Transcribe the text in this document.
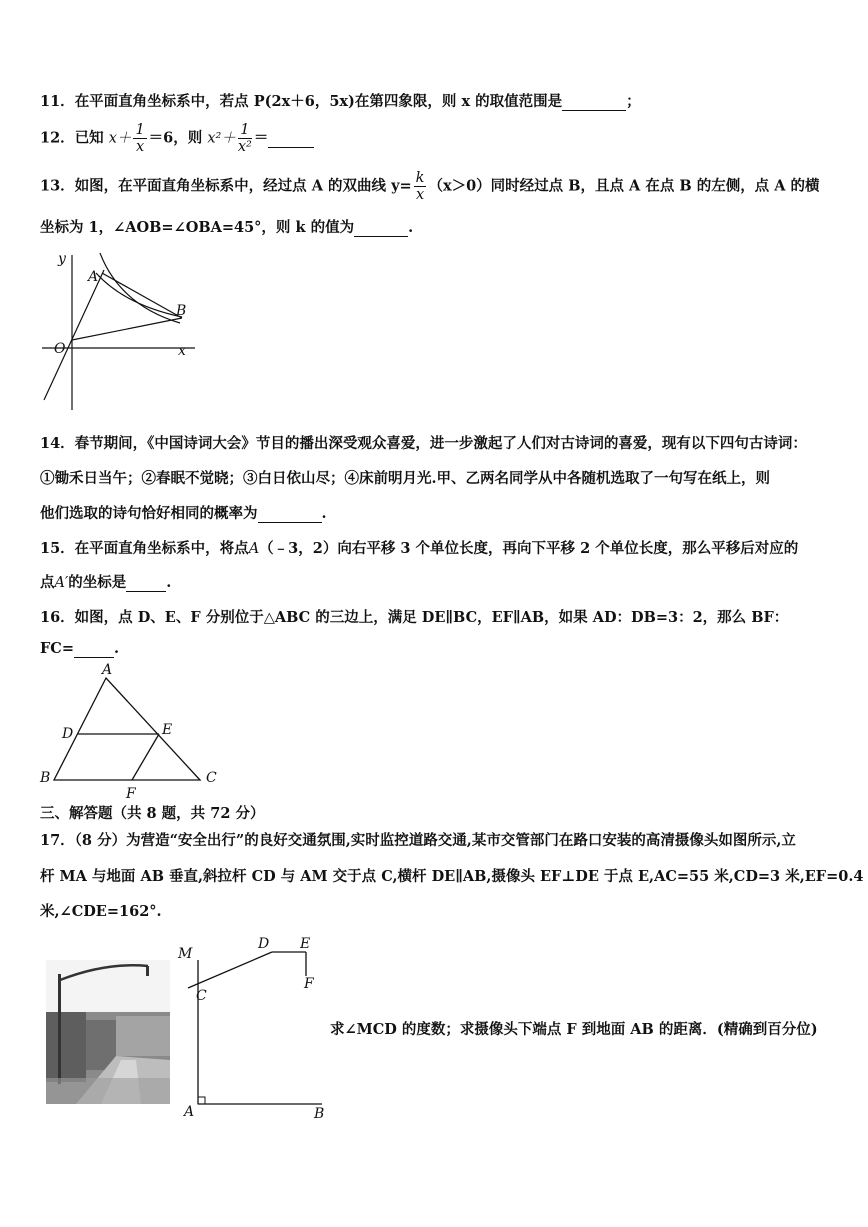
11．在平面直角坐标系中，若点 P(2x＋6，5x)在第四象限，则 x 的取值范围是	；
12．已知 $x+ \frac{1}{x} =6$，则 $x^2+ \frac{1}{\text{x²}}$ ＝
13．如图，在平面直角坐标系中，经过点 A 的双曲线 $y= \frac{k}{x} (x>0)$同时经过点 B，且点 A 在点 B 的左侧，点 A 的横
坐标为 1，∠AOB=∠OBA=45°，则 k 的值为	.
y
A
B
O	x
14．春节期间，《中国诗词大会》节目的播出深受观众喜爱，进一步激起了人们对古诗词的喜爱，现有以下四句古诗词：
①锄禾日当午；②春眠不觉晓；③白日依山尽；④床前明月光.甲、乙两名同学从中各随机选取了一句写在纸上，则
他们选取的诗句恰好相同的概率为	.
15．在平面直角坐标系中，将点A（﹣3，2）向右平移 3 个单位长度，再向下平移 2 个单位长度，那么平移后对应的
点A′的坐标是	.
16．如图，点 D、E、F 分别位于△ABC 的三边上，满足 DE∥BC，EF∥AB，如果 AD：DB=3：2，那么 BF：
FC=	.
A
D	E
B
F
C
三、解答题（共 8 题，共 72 分）
17．（8 分）为营造“安全出行”的良好交通氛围,实时监控道路交通,某市交管部门在路口安装的高清摄像头如图所示,立
杆 MA 与地面 AB 垂直,斜拉杆 CD 与 AM 交于点 C,横杆 DE∥AB,摄像头 EF⊥DE 于点 E,AC=55 米,CD=3 米,EF=0.4
米,∠CDE=162°.
M
C
D E
F
A	B
求∠MCD 的度数；求摄像头下端点 F 到地面 AB 的距离．(精确到百分位)
